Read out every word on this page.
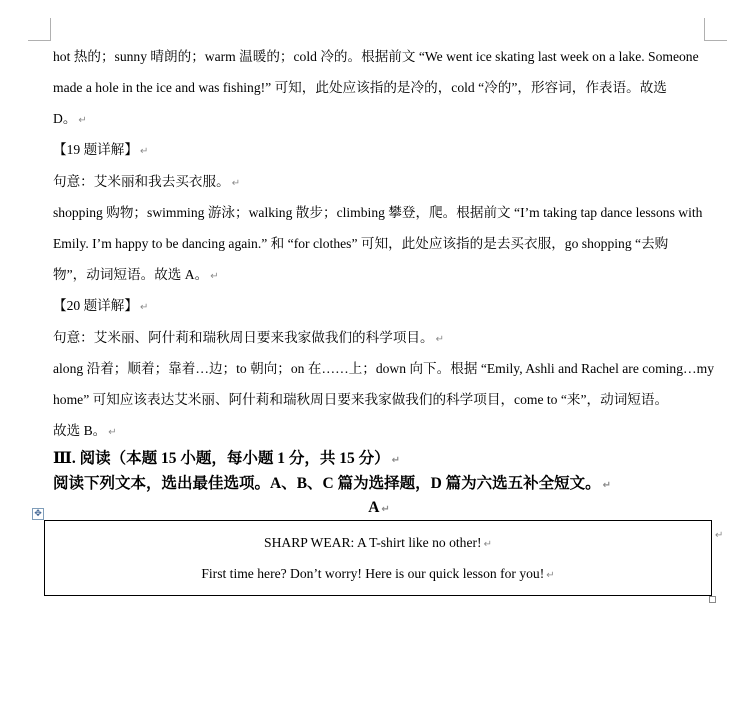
hot 热的；sunny 晴朗的；warm 温暖的；cold 冷的。根据前文 “We went ice skating last week on a lake. Someone
made a hole in the ice and was fishing!” 可知，此处应该指的是冷的，cold “冷的”，形容词，作表语。故选
D。 ↵
【19 题详解】 ↵
句意：艾米丽和我去买衣服。 ↵
shopping 购物；swimming 游泳；walking 散步；climbing 攀登，爬。根据前文 “I’m taking tap dance lessons with
Emily. I’m happy to be dancing again.” 和 “for clothes” 可知，此处应该指的是去买衣服，go shopping “去购
物”，动词短语。故选 A。 ↵
【20 题详解】 ↵
句意：艾米丽、阿什莉和瑞秋周日要来我家做我们的科学项目。 ↵
along 沿着；顺着；靠着…边；to 朝向；on 在……上；down 向下。根据 “Emily, Ashli and Rachel are coming…my
home” 可知应该表达艾米丽、阿什莉和瑞秋周日要来我家做我们的科学项目，come to “来”，动词短语。
故选 B。 ↵
Ⅲ. 阅读（本题 15 小题，每小题 1 分，共 15 分） ↵
阅读下列文本，选出最佳选项。A、B、C 篇为选择题，D 篇为六选五补全短文。 ↵
A ↵
✥
SHARP WEAR: A T-shirt like no other! ↵
First time here? Don’t worry! Here is our quick lesson for you! ↵
↵
